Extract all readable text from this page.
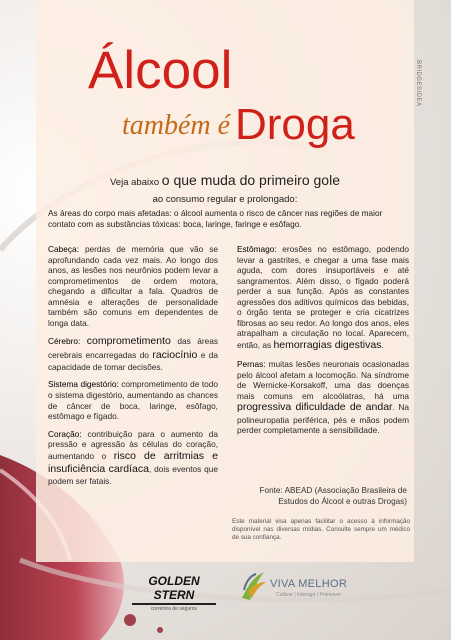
BRIDGESIDEA
Álcool
também é Droga
Veja abaixo o que muda do primeiro gole
ao consumo regular e prolongado:
As áreas do corpo mais afetadas: o álcool aumenta o risco de câncer nas regiões de maior contato com as substâncias tóxicas: boca, laringe, faringe e esôfago.

Cabeça: perdas de memória que vão se aprofundando cada vez mais. Ao longo dos anos, as lesões nos neurônios podem levar a comprometimentos de ordem motora, chegando a dificultar a fala. Quadros de amnésia e alterações de personalidade também são comuns em dependentes de longa data.

Cérebro: comprometimento das áreas cerebrais encarregadas do raciocínio e da capacidade de tomar decisões.

Sistema digestório: comprometimento de todo o sistema digestório, aumentando as chances de câncer de boca, laringe, esôfago, estômago e fígado.

Coração: contribuição para o aumento da pressão e agressão às células do coração, aumentando o risco de arritmias e insuficiência cardíaca, dois eventos que podem ser fatais.

Estômago: erosões no estômago, podendo levar a gastrites, e chegar a uma fase mais aguda, com dores insuportáveis e até sangramentos. Além disso, o fígado poderá perder a sua função. Após as constantes agressões dos aditivos químicos das bebidas, o órgão tenta se proteger e cria cicatrizes fibrosas ao seu redor. Ao longo dos anos, eles atrapalham a circulação no local. Aparecem, então, as hemorragias digestivas.

Pernas: muitas lesões neuronais ocasionadas pelo álcool afetam a locomoção. Na síndrome de Wernicke-Korsakoff, uma das doenças mais comuns em alcoólatras, há uma progressiva dificuldade de andar. Na polineuropatia periférica, pés e mãos podem perder completamente a sensibilidade.

Fonte: ABEAD (Associação Brasileira de Estudos do Álcool e outras Drogas)
Este material visa apenas facilitar o acesso à informação disponível nas diversas mídias. Consulte sempre um médico de sua confiança.
GOLDEN STERN
corretora de seguros
VIVA MELHOR
Cultivar | Interagir | Promover
